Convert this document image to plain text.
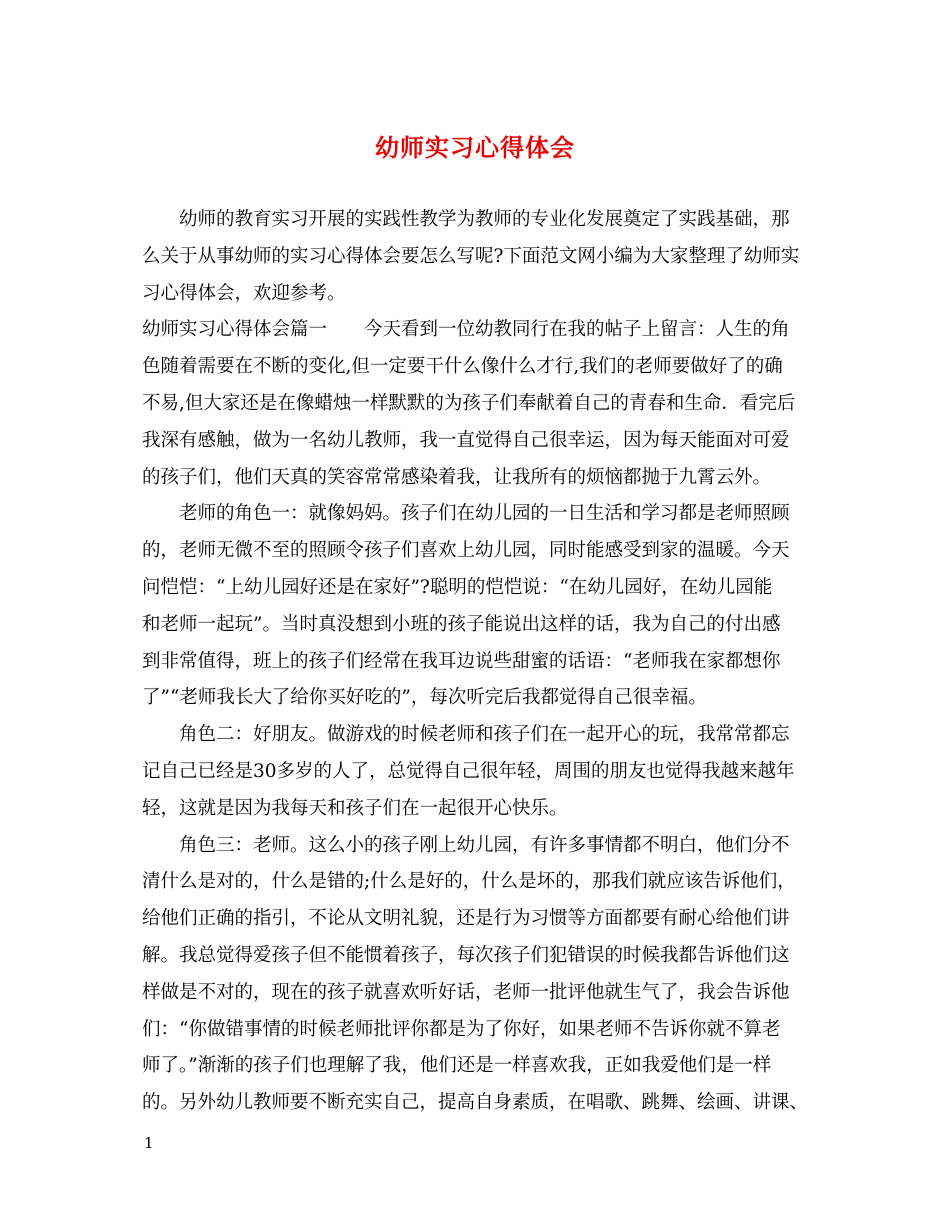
幼师实习心得体会
幼师的教育实习开展的实践性教学为教师的专业化发展奠定了实践基础，那
么关于从事幼师的实习心得体会要怎么写呢?下面范文网小编为大家整理了幼师实
习心得体会，欢迎参考。
幼师实习心得体会篇一　　今天看到一位幼教同行在我的帖子上留言：人生的角
色随着需要在不断的变化,但一定要干什么像什么才行,我们的老师要做好了的确
不易,但大家还是在像蜡烛一样默默的为孩子们奉献着自己的青春和生命．看完后
我深有感触，做为一名幼儿教师，我一直觉得自己很幸运，因为每天能面对可爱
的孩子们，他们天真的笑容常常感染着我，让我所有的烦恼都抛于九霄云外。
老师的角色一：就像妈妈。孩子们在幼儿园的一日生活和学习都是老师照顾
的，老师无微不至的照顾令孩子们喜欢上幼儿园，同时能感受到家的温暖。今天
问恺恺：“上幼儿园好还是在家好”?聪明的恺恺说：“在幼儿园好，在幼儿园能
和老师一起玩”。当时真没想到小班的孩子能说出这样的话，我为自己的付出感
到非常值得，班上的孩子们经常在我耳边说些甜蜜的话语：“老师我在家都想你
了”“老师我长大了给你买好吃的”，每次听完后我都觉得自己很幸福。
角色二：好朋友。做游戏的时候老师和孩子们在一起开心的玩，我常常都忘
记自己已经是30多岁的人了，总觉得自己很年轻，周围的朋友也觉得我越来越年
轻，这就是因为我每天和孩子们在一起很开心快乐。
角色三：老师。这么小的孩子刚上幼儿园，有许多事情都不明白，他们分不
清什么是对的，什么是错的;什么是好的，什么是坏的，那我们就应该告诉他们，
给他们正确的指引，不论从文明礼貌，还是行为习惯等方面都要有耐心给他们讲
解。我总觉得爱孩子但不能惯着孩子，每次孩子们犯错误的时候我都告诉他们这
样做是不对的，现在的孩子就喜欢听好话，老师一批评他就生气了，我会告诉他
们：“你做错事情的时候老师批评你都是为了你好，如果老师不告诉你就不算老
师了。”渐渐的孩子们也理解了我，他们还是一样喜欢我，正如我爱他们是一样
的。另外幼儿教师要不断充实自己，提高自身素质，在唱歌、跳舞、绘画、讲课、
1
